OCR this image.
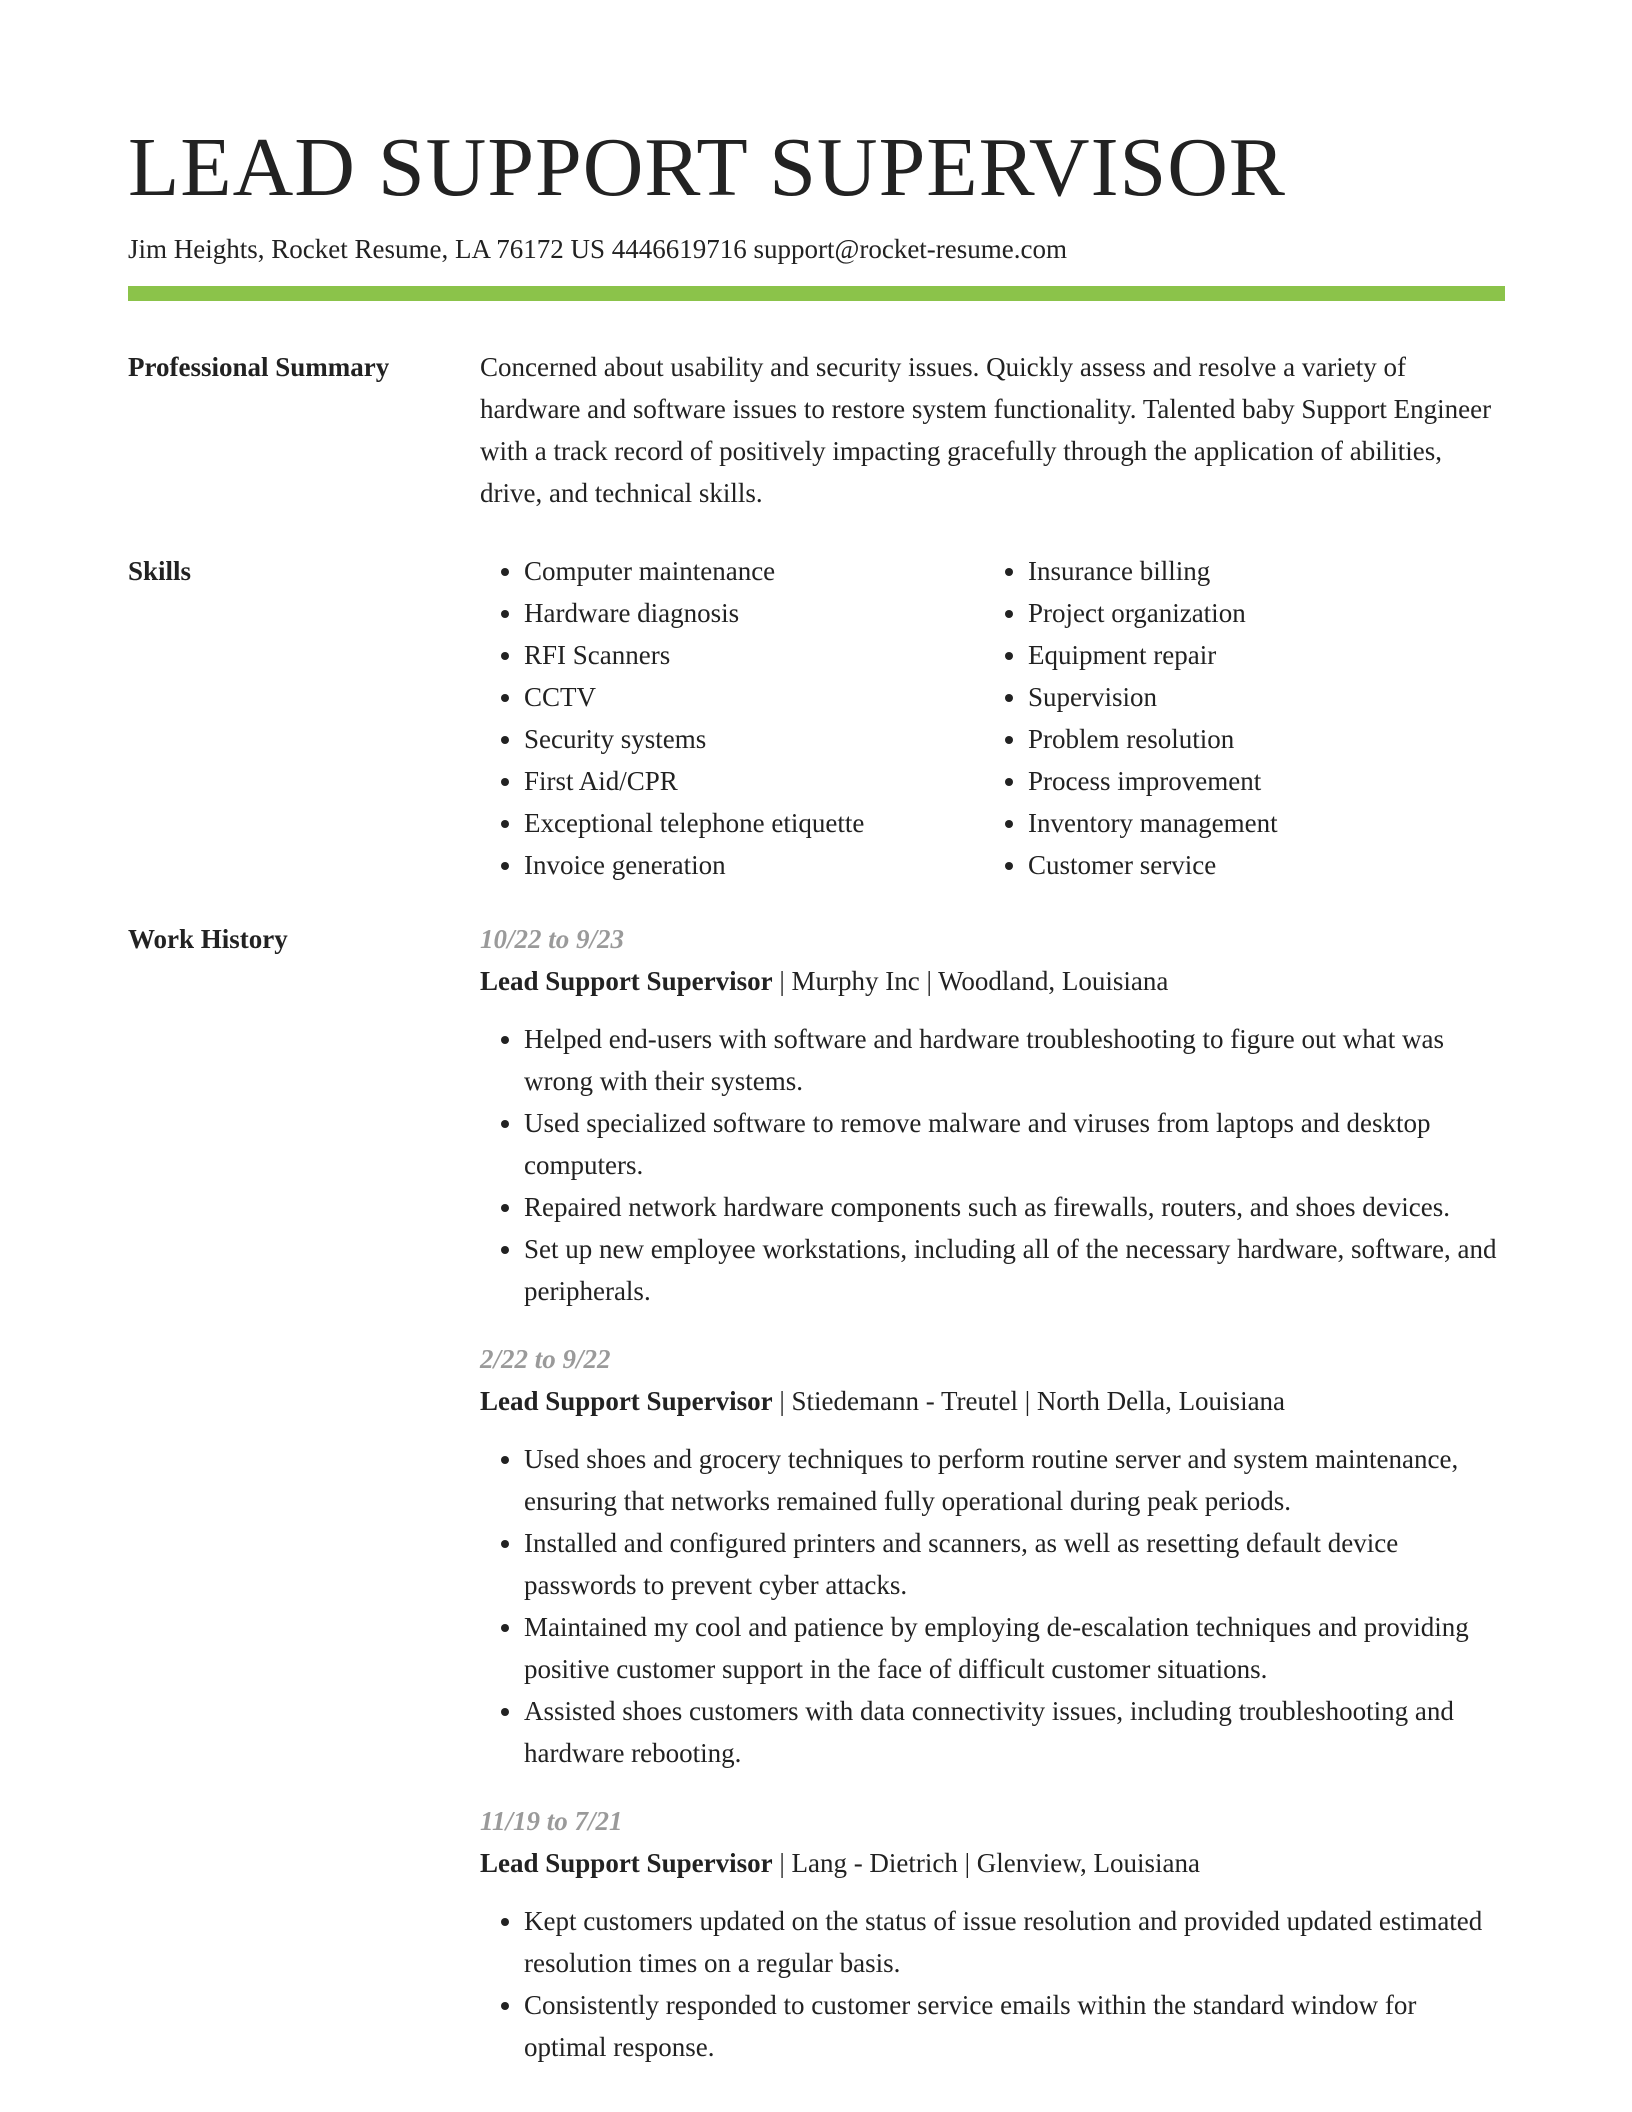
LEAD SUPPORT SUPERVISOR
Jim Heights, Rocket Resume, LA 76172 US 4446619716 support@rocket-resume.com
Professional Summary	Concerned about usability and security issues. Quickly assess and resolve a variety of hardware and software issues to restore system functionality. Talented baby Support Engineer with a track record of positively impacting gracefully through the application of abilities, drive, and technical skills.

Skills
•	Computer maintenance
• Hardware diagnosis
• RFI Scanners
• CCTV
• Security systems
• First Aid/CPR
• Exceptional telephone etiquette
• Invoice generation
• Insurance billing
• Project organization
• Equipment repair
• Supervision
• Problem resolution
• Process improvement
• Inventory management
• Customer service
Work History	10/22 to 9/23
Lead Support Supervisor | Murphy Inc | Woodland, Louisiana
• Helped end-users with software and hardware troubleshooting to figure out what was wrong with their systems.
• Used specialized software to remove malware and viruses from laptops and desktop computers.
• Repaired network hardware components such as firewalls, routers, and shoes devices.
• Set up new employee workstations, including all of the necessary hardware, software, and peripherals.
2/22 to 9/22
Lead Support Supervisor | Stiedemann - Treutel | North Della, Louisiana
• Used shoes and grocery techniques to perform routine server and system maintenance, ensuring that networks remained fully operational during peak periods.
• Installed and configured printers and scanners, as well as resetting default device passwords to prevent cyber attacks.
• Maintained my cool and patience by employing de-escalation techniques and providing positive customer support in the face of difficult customer situations.
• Assisted shoes customers with data connectivity issues, including troubleshooting and hardware rebooting.
11/19 to 7/21
Lead Support Supervisor | Lang - Dietrich | Glenview, Louisiana
• Kept customers updated on the status of issue resolution and provided updated estimated resolution times on a regular basis.
• Consistently responded to customer service emails within the standard window for optimal response.
